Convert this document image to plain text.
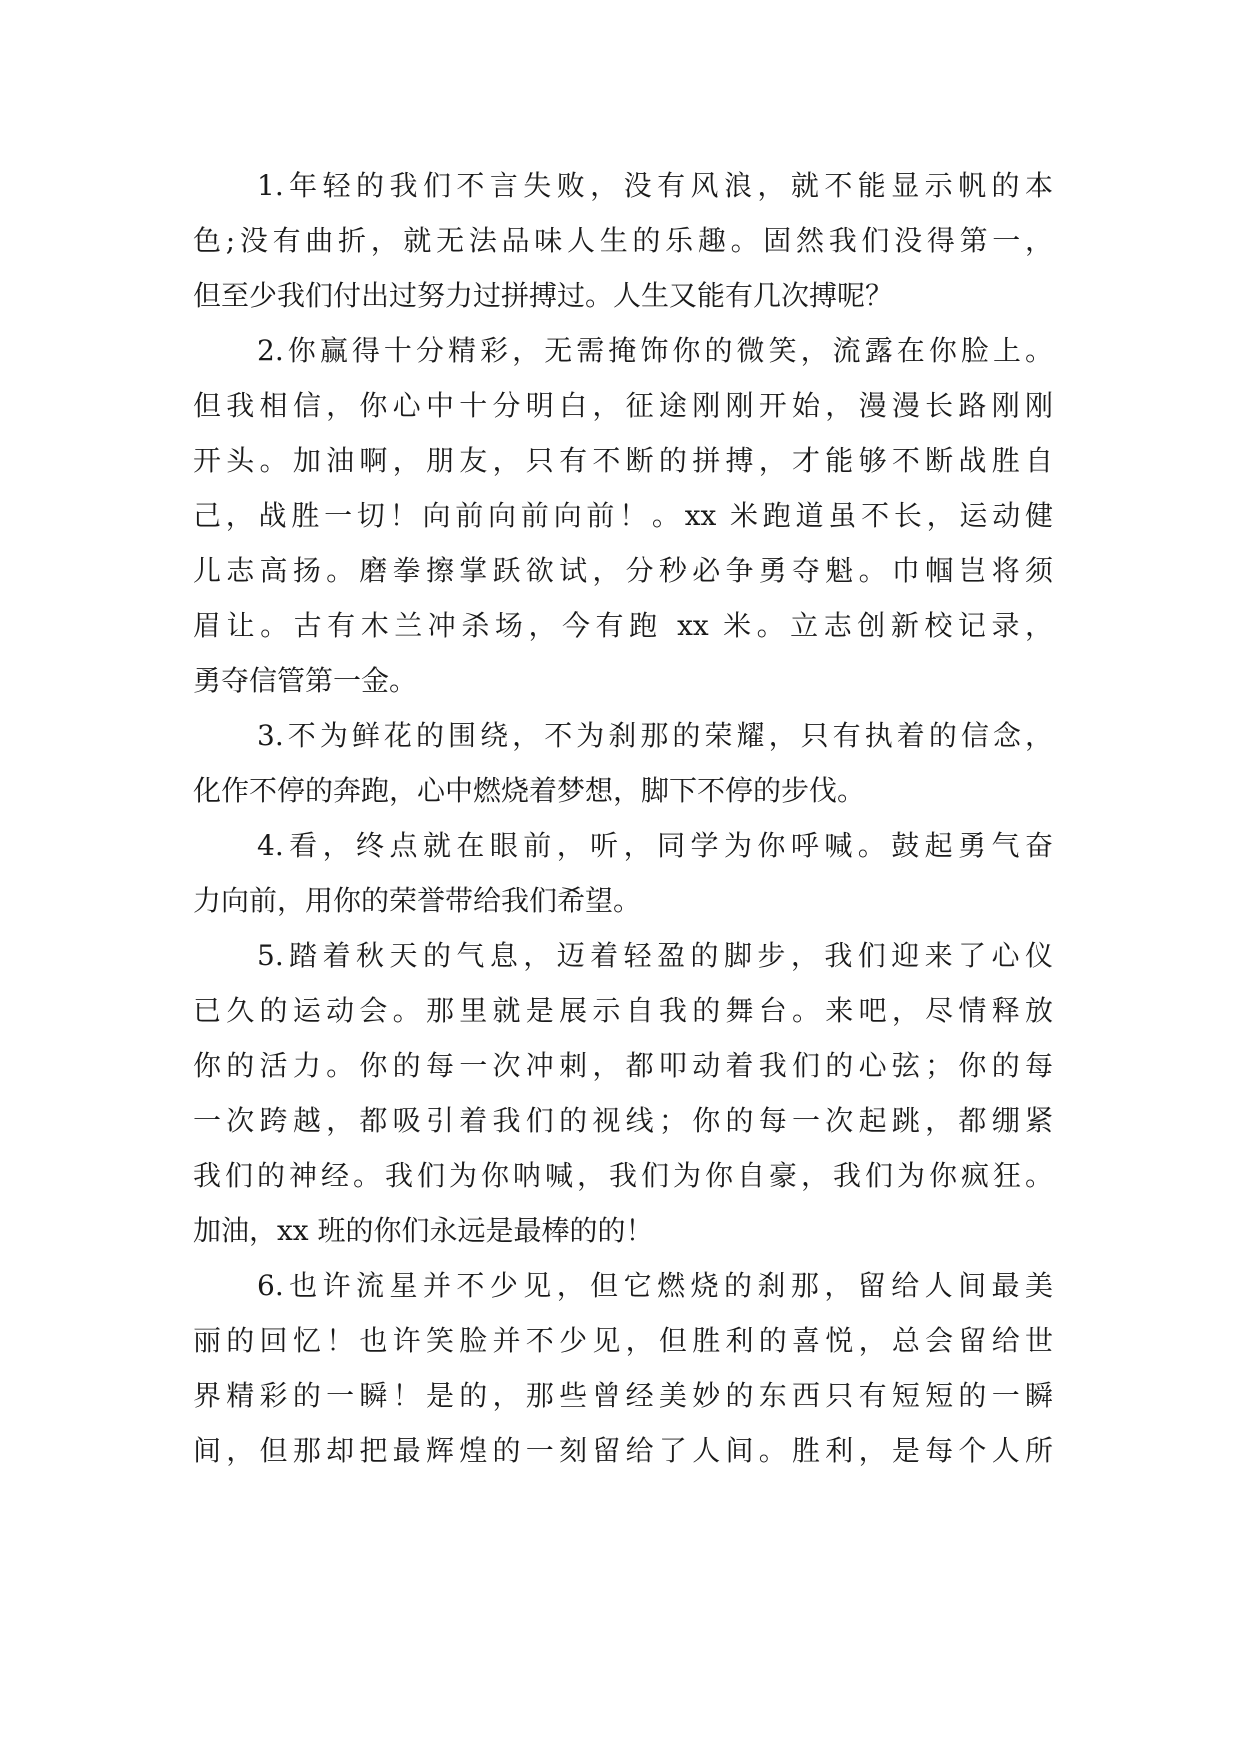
1.年轻的我们不言失败，没有风浪，就不能显示帆的本
色;没有曲折，就无法品味人生的乐趣。固然我们没得第一，
但至少我们付出过努力过拼搏过。人生又能有几次搏呢？
2.你赢得十分精彩，无需掩饰你的微笑，流露在你脸上。
但我相信，你心中十分明白，征途刚刚开始，漫漫长路刚刚
开头。加油啊，朋友，只有不断的拼搏，才能够不断战胜自
己，战胜一切！向前向前向前！。xx 米跑道虽不长，运动健
儿志高扬。磨拳擦掌跃欲试，分秒必争勇夺魁。巾帼岂将须
眉让。古有木兰冲杀场，今有跑 xx 米。立志创新校记录，
勇夺信管第一金。
3.不为鲜花的围绕，不为刹那的荣耀，只有执着的信念，
化作不停的奔跑，心中燃烧着梦想，脚下不停的步伐。
4.看，终点就在眼前，听，同学为你呼喊。鼓起勇气奋
力向前，用你的荣誉带给我们希望。
5.踏着秋天的气息，迈着轻盈的脚步，我们迎来了心仪
已久的运动会。那里就是展示自我的舞台。来吧，尽情释放
你的活力。你的每一次冲刺，都叩动着我们的心弦；你的每
一次跨越，都吸引着我们的视线；你的每一次起跳，都绷紧
我们的神经。我们为你呐喊，我们为你自豪，我们为你疯狂。
加油，xx 班的你们永远是最棒的的！
6.也许流星并不少见，但它燃烧的刹那，留给人间最美
丽的回忆！也许笑脸并不少见，但胜利的喜悦，总会留给世
界精彩的一瞬！是的，那些曾经美妙的东西只有短短的一瞬
间，但那却把最辉煌的一刻留给了人间。胜利，是每个人所
